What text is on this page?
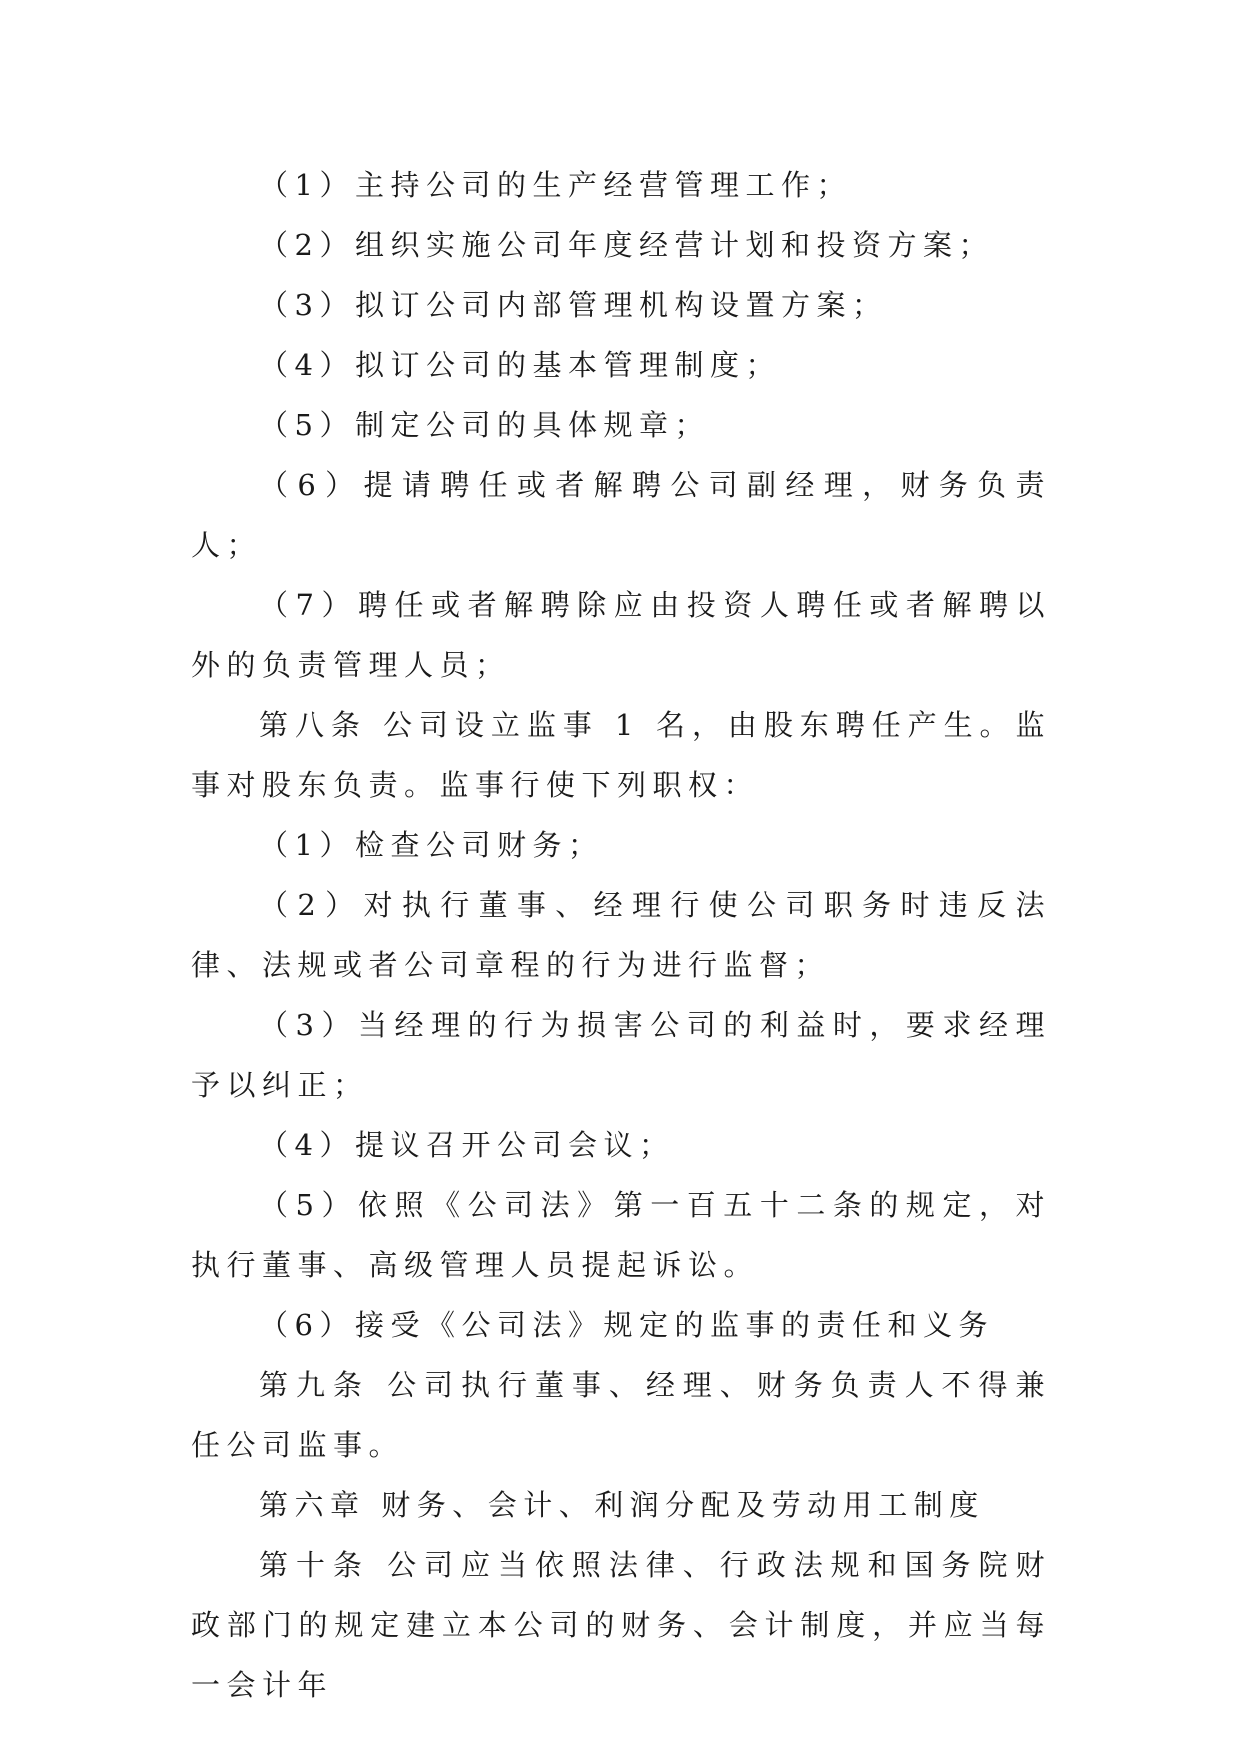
（1）主持公司的生产经营管理工作；

（2）组织实施公司年度经营计划和投资方案；

（3）拟订公司内部管理机构设置方案；

（4）拟订公司的基本管理制度；

（5）制定公司的具体规章；

（6）提请聘任或者解聘公司副经理，财务负责人；

（7）聘任或者解聘除应由投资人聘任或者解聘以外的负责管理人员；

第八条 公司设立监事 1 名，由股东聘任产生。监事对股东负责。监事行使下列职权：

（1）检查公司财务；

（2）对执行董事、经理行使公司职务时违反法律、法规或者公司章程的行为进行监督；

（3）当经理的行为损害公司的利益时，要求经理予以纠正；

（4）提议召开公司会议；

（5）依照《公司法》第一百五十二条的规定，对执行董事、高级管理人员提起诉讼。

（6）接受《公司法》规定的监事的责任和义务

第九条 公司执行董事、经理、财务负责人不得兼任公司监事。

第六章 财务、会计、利润分配及劳动用工制度

第十条 公司应当依照法律、行政法规和国务院财政部门的规定建立本公司的财务、会计制度，并应当每一会计年
